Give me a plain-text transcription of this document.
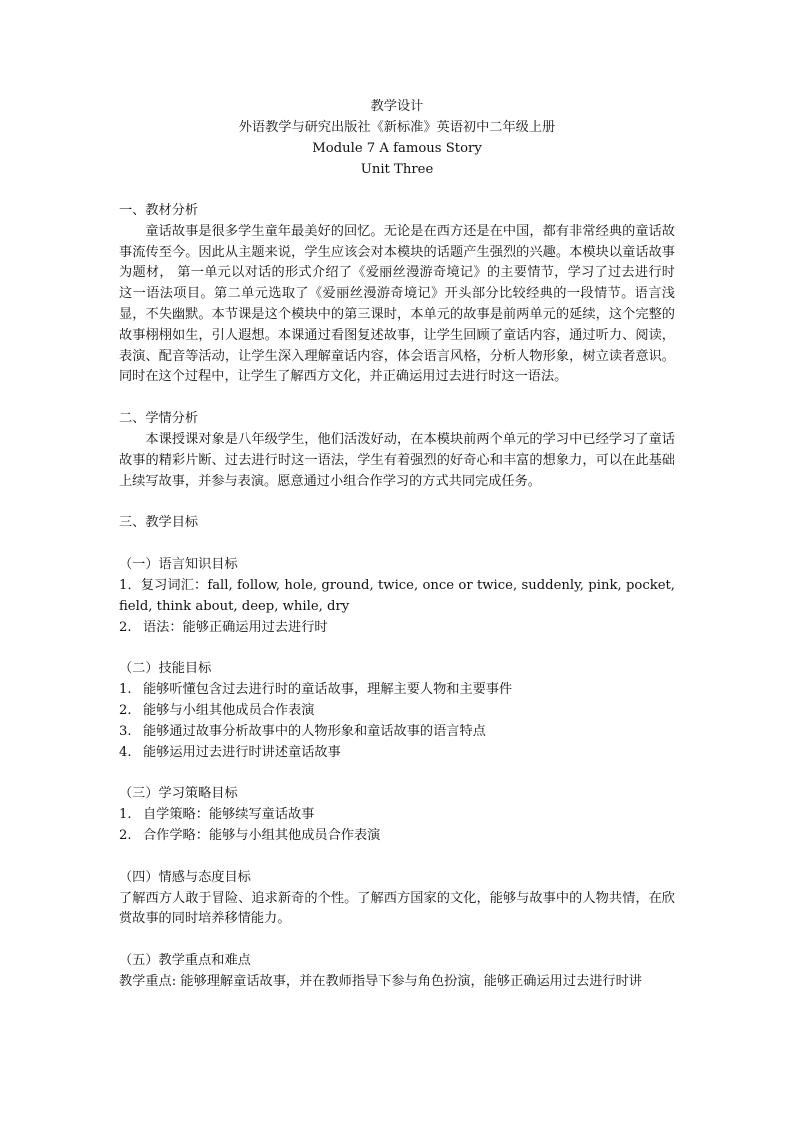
教学设计
外语教学与研究出版社《新标准》英语初中二年级上册
Module 7 A famous Story
Unit Three

一、教材分析

童话故事是很多学生童年最美好的回忆。无论是在西方还是在中国，都有非常经典的童话故事流传至今。因此从主题来说，学生应该会对本模块的话题产生强烈的兴趣。本模块以童话故事为题材， 第一单元以对话的形式介绍了《爱丽丝漫游奇境记》的主要情节，学习了过去进行时这一语法项目。第二单元选取了《爱丽丝漫游奇境记》开头部分比较经典的一段情节。语言浅显，不失幽默。本节课是这个模块中的第三课时，本单元的故事是前两单元的延续，这个完整的故事栩栩如生，引人遐想。本课通过看图复述故事，让学生回顾了童话内容，通过听力、阅读，表演、配音等活动，让学生深入理解童话内容，体会语言风格，分析人物形象，树立读者意识。同时在这个过程中，让学生了解西方文化，并正确运用过去进行时这一语法。

二、学情分析

本课授课对象是八年级学生，他们活泼好动，在本模块前两个单元的学习中已经学习了童话故事的精彩片断、过去进行时这一语法，学生有着强烈的好奇心和丰富的想象力，可以在此基础上续写故事，并参与表演。愿意通过小组合作学习的方式共同完成任务。

三、教学目标

（一）语言知识目标

1．复习词汇：fall, follow, hole, ground, twice, once or twice, suddenly, pink, pocket, field, think about, deep, while, dry

2. 语法：能够正确运用过去进行时

（二）技能目标

1. 能够听懂包含过去进行时的童话故事，理解主要人物和主要事件
2. 能够与小组其他成员合作表演
3. 能够通过故事分析故事中的人物形象和童话故事的语言特点
4. 能够运用过去进行时讲述童话故事

（三）学习策略目标

1. 自学策略：能够续写童话故事
2. 合作学略：能够与小组其他成员合作表演

（四）情感与态度目标

了解西方人敢于冒险、追求新奇的个性。了解西方国家的文化，能够与故事中的人物共情，在欣赏故事的同时培养移情能力。

（五）教学重点和难点

教学重点: 能够理解童话故事，并在教师指导下参与角色扮演，能够正确运用过去进行时讲
